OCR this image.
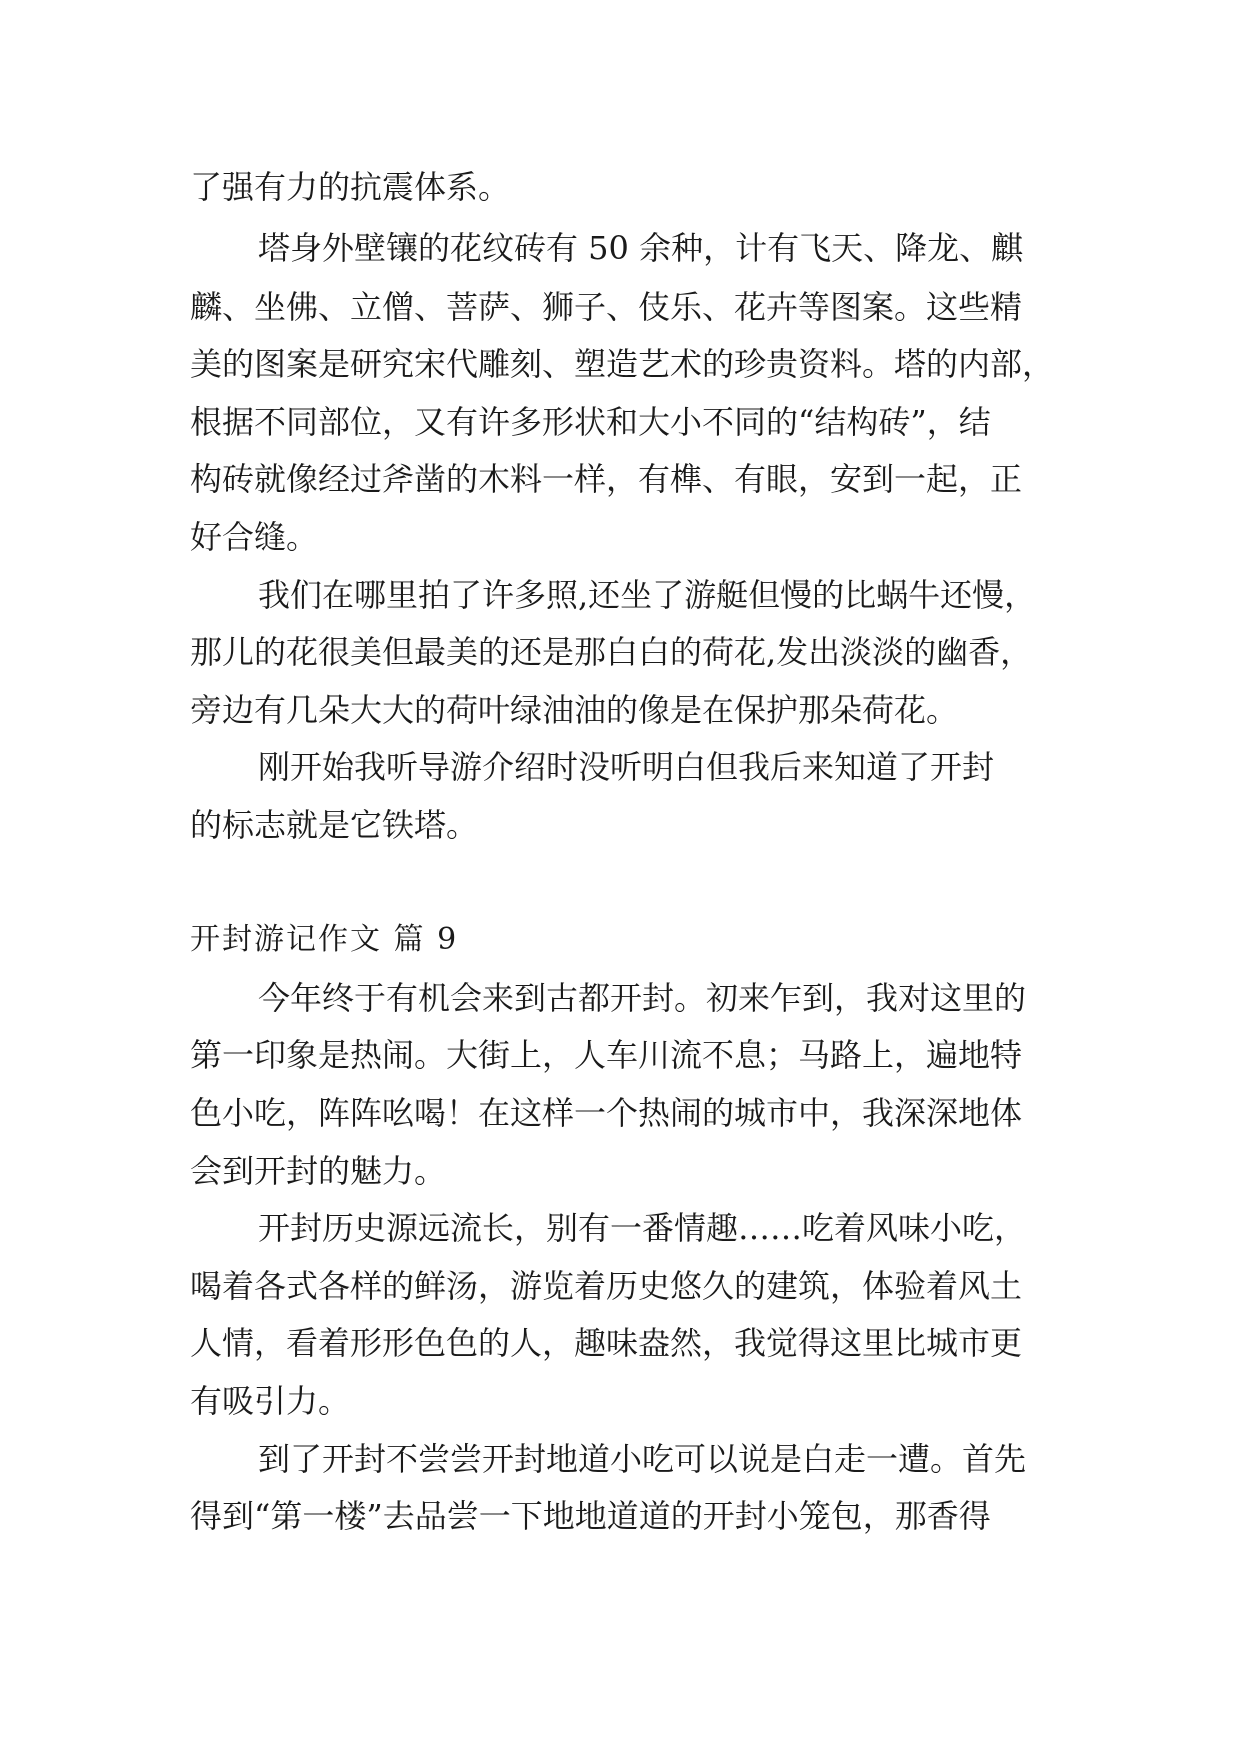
了强有力的抗震体系。
塔身外壁镶的花纹砖有 50 余种，计有飞天、降龙、麒
麟、坐佛、立僧、菩萨、狮子、伎乐、花卉等图案。这些精
美的图案是研究宋代雕刻、塑造艺术的珍贵资料。塔的内部，
根据不同部位，又有许多形状和大小不同的“结构砖”，结
构砖就像经过斧凿的木料一样，有榫、有眼，安到一起，正
好合缝。
我们在哪里拍了许多照,还坐了游艇但慢的比蜗牛还慢，
那儿的花很美但最美的还是那白白的荷花,发出淡淡的幽香，
旁边有几朵大大的荷叶绿油油的像是在保护那朵荷花。
刚开始我听导游介绍时没听明白但我后来知道了开封
的标志就是它铁塔。
开封游记作文 篇 9
今年终于有机会来到古都开封。初来乍到，我对这里的
第一印象是热闹。大街上，人车川流不息；马路上，遍地特
色小吃，阵阵吆喝！在这样一个热闹的城市中，我深深地体
会到开封的魅力。
开封历史源远流长，别有一番情趣……吃着风味小吃，
喝着各式各样的鲜汤，游览着历史悠久的建筑，体验着风土
人情，看着形形色色的人，趣味盎然，我觉得这里比城市更
有吸引力。
到了开封不尝尝开封地道小吃可以说是白走一遭。首先
得到“第一楼”去品尝一下地地道道的开封小笼包，那香得
